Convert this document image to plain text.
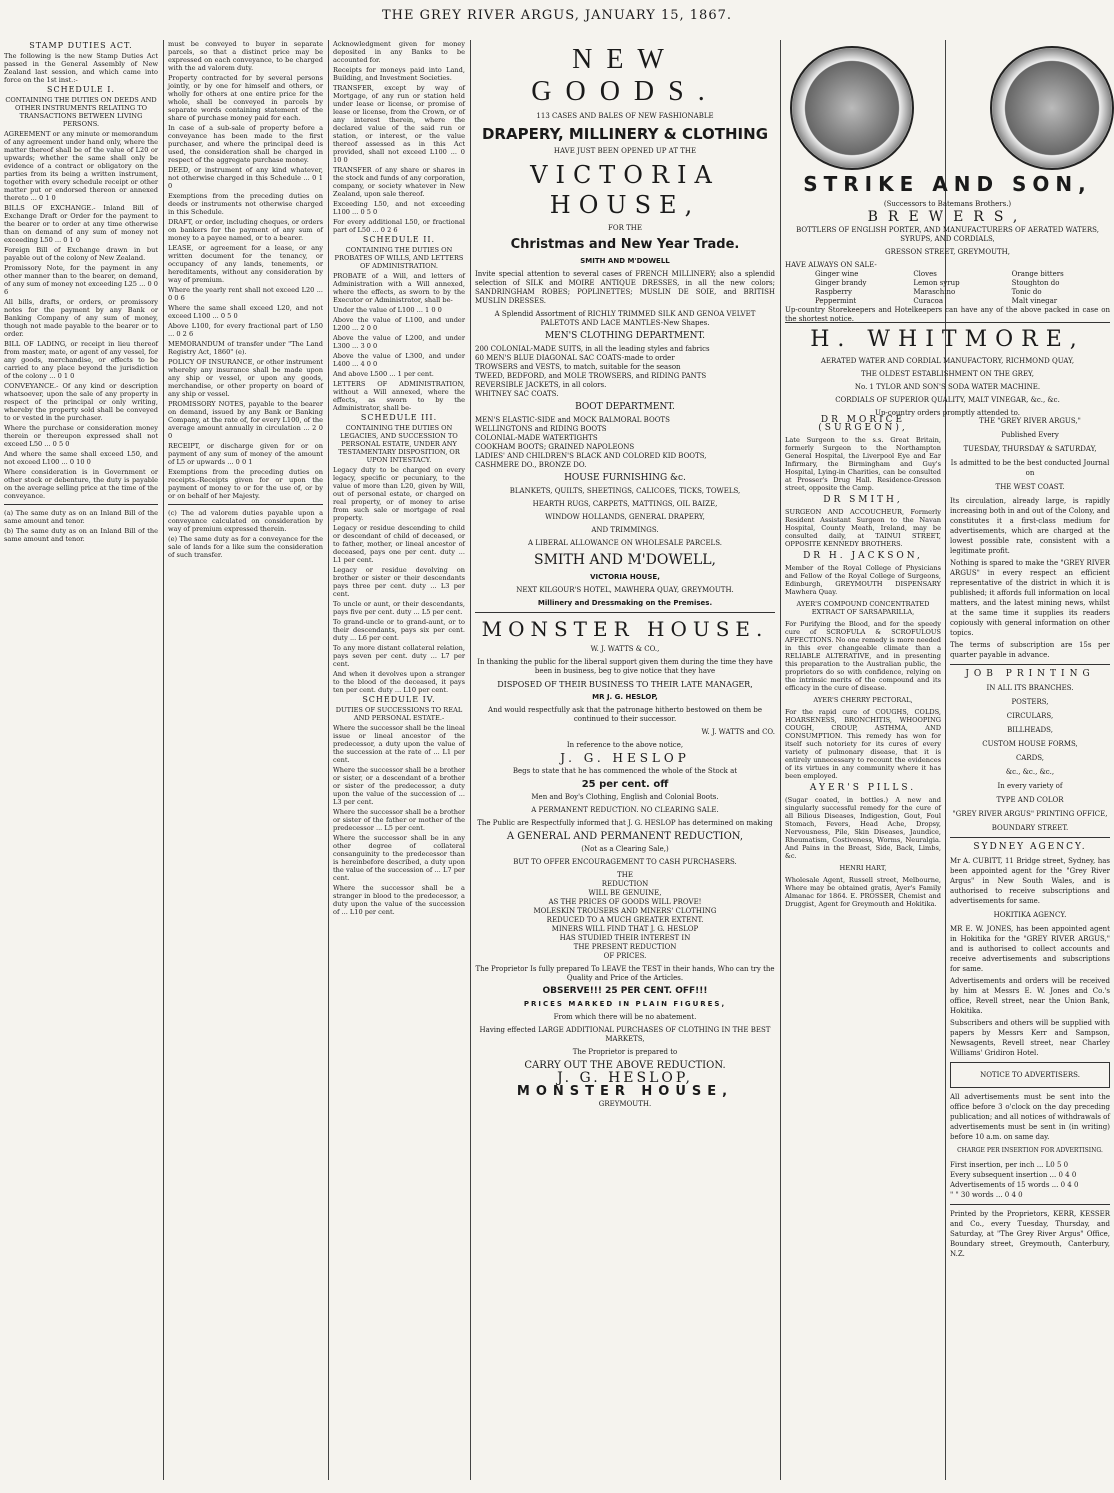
THE GREY RIVER ARGUS, JANUARY 15, 1867.
STAMP DUTIES ACT.

The following is the new Stamp Duties Act passed in the General Assembly of New Zealand last session, and which came into force on the 1st inst.:-

SCHEDULE I.

CONTAINING THE DUTIES ON DEEDS AND OTHER INSTRUMENTS RELATING TO TRANSACTIONS BETWEEN LIVING PERSONS.

AGREEMENT or any minute or memorandum of any agreement under hand only, where the matter thereof shall be of the value of L20 or upwards; whether the same shall only be evidence of a contract or obligatory on the parties from its being a written instrument, together with every schedule receipt or other matter put or endorsed thereon or annexed thereto ... 0 1 0

BILLS OF EXCHANGE.- Inland Bill of Exchange Draft or Order for the payment to the bearer or to order at any time otherwise than on demand of any sum of money not exceeding L50 ... 0 1 0

Foreign Bill of Exchange drawn in but payable out of the colony of New Zealand.

Promissory Note, for the payment in any other manner than to the bearer, on demand, of any sum of money not exceeding L25 ... 0 0 6

All bills, drafts, or orders, or promissory notes for the payment by any Bank or Banking Company of any sum of money, though not made payable to the bearer or to order.

BILL OF LADING, or receipt in lieu thereof from master, mate, or agent of any vessel, for any goods, merchandise, or effects to be carried to any place beyond the jurisdiction of the colony ... 0 1 0

CONVEYANCE.- Of any kind or description whatsoever, upon the sale of any property in respect of the principal or only writing, whereby the property sold shall be conveyed to or vested in the purchaser.

Where the purchase or consideration money therein or thereupon expressed shall not exceed L50 ... 0 5 0

And where the same shall exceed L50, and not exceed L100 ... 0 10 0

Where consideration is in Government or other stock or debenture, the duty is payable on the average selling price at the time of the conveyance.

(a) The same duty as on an Inland Bill of the same amount and tenor.

(b) The same duty as on an Inland Bill of the same amount and tenor.

must be conveyed to buyer in separate parcels, so that a distinct price may be expressed on each conveyance, to be charged with the ad valorem duty.

Property contracted for by several persons jointly, or by one for himself and others, or wholly for others at one entire price for the whole, shall be conveyed in parcels by separate words containing statement of the share of purchase money paid for each.

In case of a sub-sale of property before a conveyance has been made to the first purchaser, and where the principal deed is used, the consideration shall be charged in respect of the aggregate purchase money.

DEED, or instrument of any kind whatever, not otherwise charged in this Schedule ... 0 1 0

Exemptions from the preceding duties on deeds or instruments not otherwise charged in this Schedule.

DRAFT, or order, including cheques, or orders on bankers for the payment of any sum of money to a payee named, or to a bearer.

LEASE, or agreement for a lease, or any written document for the tenancy, or occupancy of any lands, tenements, or hereditaments, without any consideration by way of premium.

Where the yearly rent shall not exceed L20 ... 0 0 6

Where the same shall exceed L20, and not exceed L100 ... 0 5 0

Above L100, for every fractional part of L50 ... 0 2 6

MEMORANDUM of transfer under "The Land Registry Act, 1860" (e).

POLICY OF INSURANCE, or other instrument whereby any insurance shall be made upon any ship or vessel, or upon any goods, merchandise, or other property on board of any ship or vessel.

PROMISSORY NOTES, payable to the bearer on demand, issued by any Bank or Banking Company, at the rate of, for every L100, of the average amount annually in circulation ... 2 0 0

RECEIPT, or discharge given for or on payment of any sum of money of the amount of L5 or upwards ... 0 0 1

Exemptions from the preceding duties on receipts.-Receipts given for or upon the payment of money to or for the use of, or by or on behalf of her Majesty.

(c) The ad valorem duties payable upon a conveyance calculated on consideration by way of premium expressed therein.

(e) The same duty as for a conveyance for the sale of lands for a like sum the consideration of such transfer.

Acknowledgment given for money deposited in any Banks to be accounted for.

Receipts for moneys paid into Land, Building, and Investment Societies.

TRANSFER, except by way of Mortgage, of any run or station held under lease or license, or promise of lease or license, from the Crown, or of any interest therein, where the declared value of the said run or station, or interest, or the value thereof assessed as in this Act provided, shall not exceed L100 ... 0 10 0

TRANSFER of any share or shares in the stock and funds of any corporation, company, or society whatever in New Zealand, upon sale thereof.

Exceeding L50, and not exceeding L100 ... 0 5 0

For every additional L50, or fractional part of L50 ... 0 2 6

SCHEDULE II.

CONTAINING THE DUTIES ON PROBATES OF WILLS, AND LETTERS OF ADMINISTRATION.

PROBATE of a Will, and letters of Administration with a Will annexed, where the effects, as sworn to by the Executor or Administrator, shall be-

Under the value of L100 ... 1 0 0

Above the value of L100, and under L200 ... 2 0 0

Above the value of L200, and under L300 ... 3 0 0

Above the value of L300, and under L400 ... 4 0 0

And above L500 ... 1 per cent.

LETTERS OF ADMINISTRATION, without a Will annexed, where the effects, as sworn to by the Administrator, shall be-

SCHEDULE III.

CONTAINING THE DUTIES ON LEGACIES, AND SUCCESSION TO PERSONAL ESTATE, UNDER ANY TESTAMENTARY DISPOSITION, OR UPON INTESTACY.

Legacy duty to be charged on every legacy, specific or pecuniary, to the value of more than L20, given by Will, out of personal estate, or charged on real property, or of money to arise from such sale or mortgage of real property.

Legacy or residue descending to child or descendant of child of deceased, or to father, mother, or lineal ancestor of deceased, pays one per cent. duty ... L1 per cent.

Legacy or residue devolving on brother or sister or their descendants pays three per cent. duty ... L3 per cent.

To uncle or aunt, or their descendants, pays five per cent. duty ... L5 per cent.

To grand-uncle or to grand-aunt, or to their descendants, pays six per cent. duty ... L6 per cent.

To any more distant collateral relation, pays seven per cent. duty ... L7 per cent.

And when it devolves upon a stranger to the blood of the deceased, it pays ten per cent. duty ... L10 per cent.

SCHEDULE IV.

DUTIES OF SUCCESSIONS TO REAL AND PERSONAL ESTATE.-

Where the successor shall be the lineal issue or lineal ancestor of the predecessor, a duty upon the value of the succession at the rate of ... L1 per cent.

Where the successor shall be a brother or sister, or a descendant of a brother or sister of the predecessor, a duty upon the value of the succession of ... L3 per cent.

Where the successor shall be a brother or sister of the father or mother of the predecessor ... L5 per cent.

Where the successor shall be in any other degree of collateral consanguinity to the predecessor than is hereinbefore described, a duty upon the value of the succession of ... L7 per cent.

Where the successor shall be a stranger in blood to the predecessor, a duty upon the value of the succession of ... L10 per cent.

NEW GOODS.
113 CASES AND BALES OF NEW FASHIONABLE
DRAPERY, MILLINERY & CLOTHING
HAVE JUST BEEN OPENED UP AT THE
VICTORIA HOUSE,
FOR THE
Christmas and New Year Trade.
SMITH AND M'DOWELL

Invite special attention to several cases of FRENCH MILLINERY; also a splendid selection of SILK and MOIRE ANTIQUE DRESSES, in all the new colors; SANDRINGHAM ROBES; POPLINETTES; MUSLIN DE SOIE, and BRITISH MUSLIN DRESSES.

A Splendid Assortment of RICHLY TRIMMED SILK AND GENOA VELVET PALETOTS AND LACE MANTLES-New Shapes.
MEN'S CLOTHING DEPARTMENT.
200 COLONIAL-MADE SUITS, in all the leading styles and fabrics
60 MEN'S BLUE DIAGONAL SAC COATS-made to order
TROWSERS and VESTS, to match, suitable for the season
TWEED, BEDFORD, and MOLE TROWSERS, and RIDING PANTS
REVERSIBLE JACKETS, in all colors.
WHITNEY SAC COATS.
BOOT DEPARTMENT.
MEN'S ELASTIC-SIDE and MOCK BALMORAL BOOTS
WELLINGTONS and RIDING BOOTS
COLONIAL-MADE WATERTIGHTS
COOKHAM BOOTS; GRAINED NAPOLEONS
LADIES' AND CHILDREN'S BLACK AND COLORED KID BOOTS,
CASHMERE DO., BRONZE DO.
HOUSE FURNISHING &c.
BLANKETS, QUILTS, SHEETINGS, CALICOES, TICKS, TOWELS,
HEARTH RUGS, CARPETS, MATTINGS, OIL BAIZE,
WINDOW HOLLANDS, GENERAL DRAPERY,
AND TRIMMINGS.
A LIBERAL ALLOWANCE ON WHOLESALE PARCELS.
SMITH AND M'DOWELL,
VICTORIA HOUSE,
NEXT KILGOUR'S HOTEL, MAWHERA QUAY, GREYMOUTH.
Millinery and Dressmaking on the Premises.
MONSTER HOUSE.
W. J. WATTS & CO.,
In thanking the public for the liberal support given them during the time they have been in business, beg to give notice that they have
DISPOSED OF THEIR BUSINESS TO THEIR LATE MANAGER,
MR J. G. HESLOP,
And would respectfully ask that the patronage hitherto bestowed on them be continued to their successor.
W. J. WATTS and CO.
In reference to the above notice,
J. G. HESLOP
Begs to state that he has commenced the whole of the Stock at
25 per cent. off
Men and Boy's Clothing, English and Colonial Boots.
A PERMANENT REDUCTION. NO CLEARING SALE.
The Public are Respectfully informed that J. G. HESLOP has determined on making
A GENERAL AND PERMANENT REDUCTION,
(Not as a Clearing Sale,)
BUT TO OFFER ENCOURAGEMENT TO CASH PURCHASERS.
THE
REDUCTION
WILL BE GENUINE,
AS THE PRICES OF GOODS WILL PROVE!
MOLESKIN TROUSERS AND MINERS' CLOTHING
REDUCED TO A MUCH GREATER EXTENT.
MINERS WILL FIND THAT J. G. HESLOP
HAS STUDIED THEIR INTEREST IN
THE PRESENT REDUCTION
OF PRICES.
The Proprietor Is fully prepared To LEAVE the TEST in their hands, Who can try the Quality and Price of the Articles.
OBSERVE!!! 25 PER CENT. OFF!!!
PRICES MARKED IN PLAIN FIGURES,
From which there will be no abatement.
Having effected LARGE ADDITIONAL PURCHASES OF CLOTHING IN THE BEST MARKETS,
The Proprietor is prepared to
CARRY OUT THE ABOVE REDUCTION.
J. G. HESLOP,
MONSTER HOUSE,
GREYMOUTH.
STRIKE AND SON,
(Successors to Batemans Brothers.)
BREWERS,
BOTTLERS OF ENGLISH PORTER, AND MANUFACTURERS OF AERATED WATERS, SYRUPS, AND CORDIALS,
GRESSON STREET, GREYMOUTH,
HAVE ALWAYS ON SALE-
Ginger wine	Cloves	Orange bitters
Ginger brandy	Lemon syrup	Stoughton do
Raspberry	Maraschino	Tonic do
Peppermint	Curacoa	Malt vinegar
Up-country Storekeepers and Hotelkeepers can have any of the above packed in case on the shortest notice.
H. WHITMORE,
AERATED WATER AND CORDIAL MANUFACTORY, RICHMOND QUAY,
THE OLDEST ESTABLISHMENT ON THE GREY,
No. 1 TYLOR AND SON'S SODA WATER MACHINE.
CORDIALS OF SUPERIOR QUALITY, MALT VINEGAR, &c., &c.
Up-country orders promptly attended to.
DR MORICE (SURGEON),

Late Surgeon to the s.s. Great Britain, formerly Surgeon to the Northampton General Hospital, the Liverpool Eye and Ear Infirmary, the Birmingham and Guy's Hospital, Lying-in Charities, can be consulted at Prosser's Drug Hall. Residence-Gresson street, opposite the Camp.

DR SMITH,

SURGEON AND ACCOUCHEUR, Formerly Resident Assistant Surgeon to the Navan Hospital, County Meath, Ireland, may be consulted daily, at TAINUI STREET, OPPOSITE KENNEDY BROTHERS.

DR H. JACKSON,

Member of the Royal College of Physicians and Fellow of the Royal College of Surgeons, Edinburgh, GREYMOUTH DISPENSARY Mawhera Quay.

AYER'S COMPOUND CONCENTRATED EXTRACT OF SARSAPARILLA,

For Purifying the Blood, and for the speedy cure of SCROFULA & SCROFULOUS AFFECTIONS. No one remedy is more needed in this ever changeable climate than a RELIABLE ALTERATIVE, and in presenting this preparation to the Australian public, the proprietors do so with confidence, relying on the intrinsic merits of the compound and its efficacy in the cure of disease.

AYER'S CHERRY PECTORAL,

For the rapid cure of COUGHS, COLDS, HOARSENESS, BRONCHITIS, WHOOPING COUGH, CROUP, ASTHMA, AND CONSUMPTION. This remedy has won for itself such notoriety for its cures of every variety of pulmonary disease, that it is entirely unnecessary to recount the evidences of its virtues in any community where it has been employed.

AYER'S PILLS.

(Sugar coated, in bottles.) A new and singularly successful remedy for the cure of all Bilious Diseases, Indigestion, Gout, Foul Stomach, Fevers, Head Ache, Dropsy, Nervousness, Pile, Skin Diseases, Jaundice, Rheumatism, Costiveness, Worms, Neuralgia. And Pains in the Breast, Side, Back, Limbs, &c.

HENRI HART,

Wholesale Agent, Russell street, Melbourne, Where may be obtained gratis, Ayer's Family Almanac for 1864. E. PROSSER, Chemist and Druggist, Agent for Greymouth and Hokitika.

THE "GREY RIVER ARGUS,"
Published Every
TUESDAY, THURSDAY & SATURDAY,
Is admitted to be the best conducted Journal on
THE WEST COAST.

Its circulation, already large, is rapidly increasing both in and out of the Colony, and constitutes it a first-class medium for advertisements, which are charged at the lowest possible rate, consistent with a legitimate profit.

Nothing is spared to make the "GREY RIVER ARGUS" in every respect an efficient representative of the district in which it is published; it affords full information on local matters, and the latest mining news, whilst at the same time it supplies its readers copiously with general information on other topics.

The terms of subscription are 15s per quarter payable in advance.

JOB PRINTING
IN ALL ITS BRANCHES.
POSTERS,
CIRCULARS,
BILLHEADS,
CUSTOM HOUSE FORMS,
CARDS,
&c., &c., &c.,
In every variety of
TYPE AND COLOR
"GREY RIVER ARGUS" PRINTING OFFICE,
BOUNDARY STREET.
SYDNEY AGENCY.

Mr A. CUBITT, 11 Bridge street, Sydney, has been appointed agent for the "Grey River Argus" in New South Wales, and is authorised to receive subscriptions and advertisements for same.

HOKITIKA AGENCY.

MR E. W. JONES, has been appointed agent in Hokitika for the "GREY RIVER ARGUS," and is authorised to collect accounts and receive advertisements and subscriptions for same.

Advertisements and orders will be received by him at Messrs E. W. Jones and Co.'s office, Revell street, near the Union Bank, Hokitika.

Subscribers and others will be supplied with papers by Messrs Kerr and Sampson, Newsagents, Revell street, near Charley Williams' Gridiron Hotel.

NOTICE TO ADVERTISERS.

All advertisements must be sent into the office before 3 o'clock on the day preceding publication; and all notices of withdrawals of advertisements must be sent in (in writing) before 10 a.m. on same day.

CHARGE PER INSERTION FOR ADVERTISING.
First insertion, per inch ... L0 5 0
Every subsequent insertion ... 0 4 0
Advertisements of 15 words ... 0 4 0
" " 30 words ... 0 4 0

Printed by the Proprietors, KERR, KESSER and Co., every Tuesday, Thursday, and Saturday, at "The Grey River Argus" Office, Boundary street, Greymouth, Canterbury, N.Z.
